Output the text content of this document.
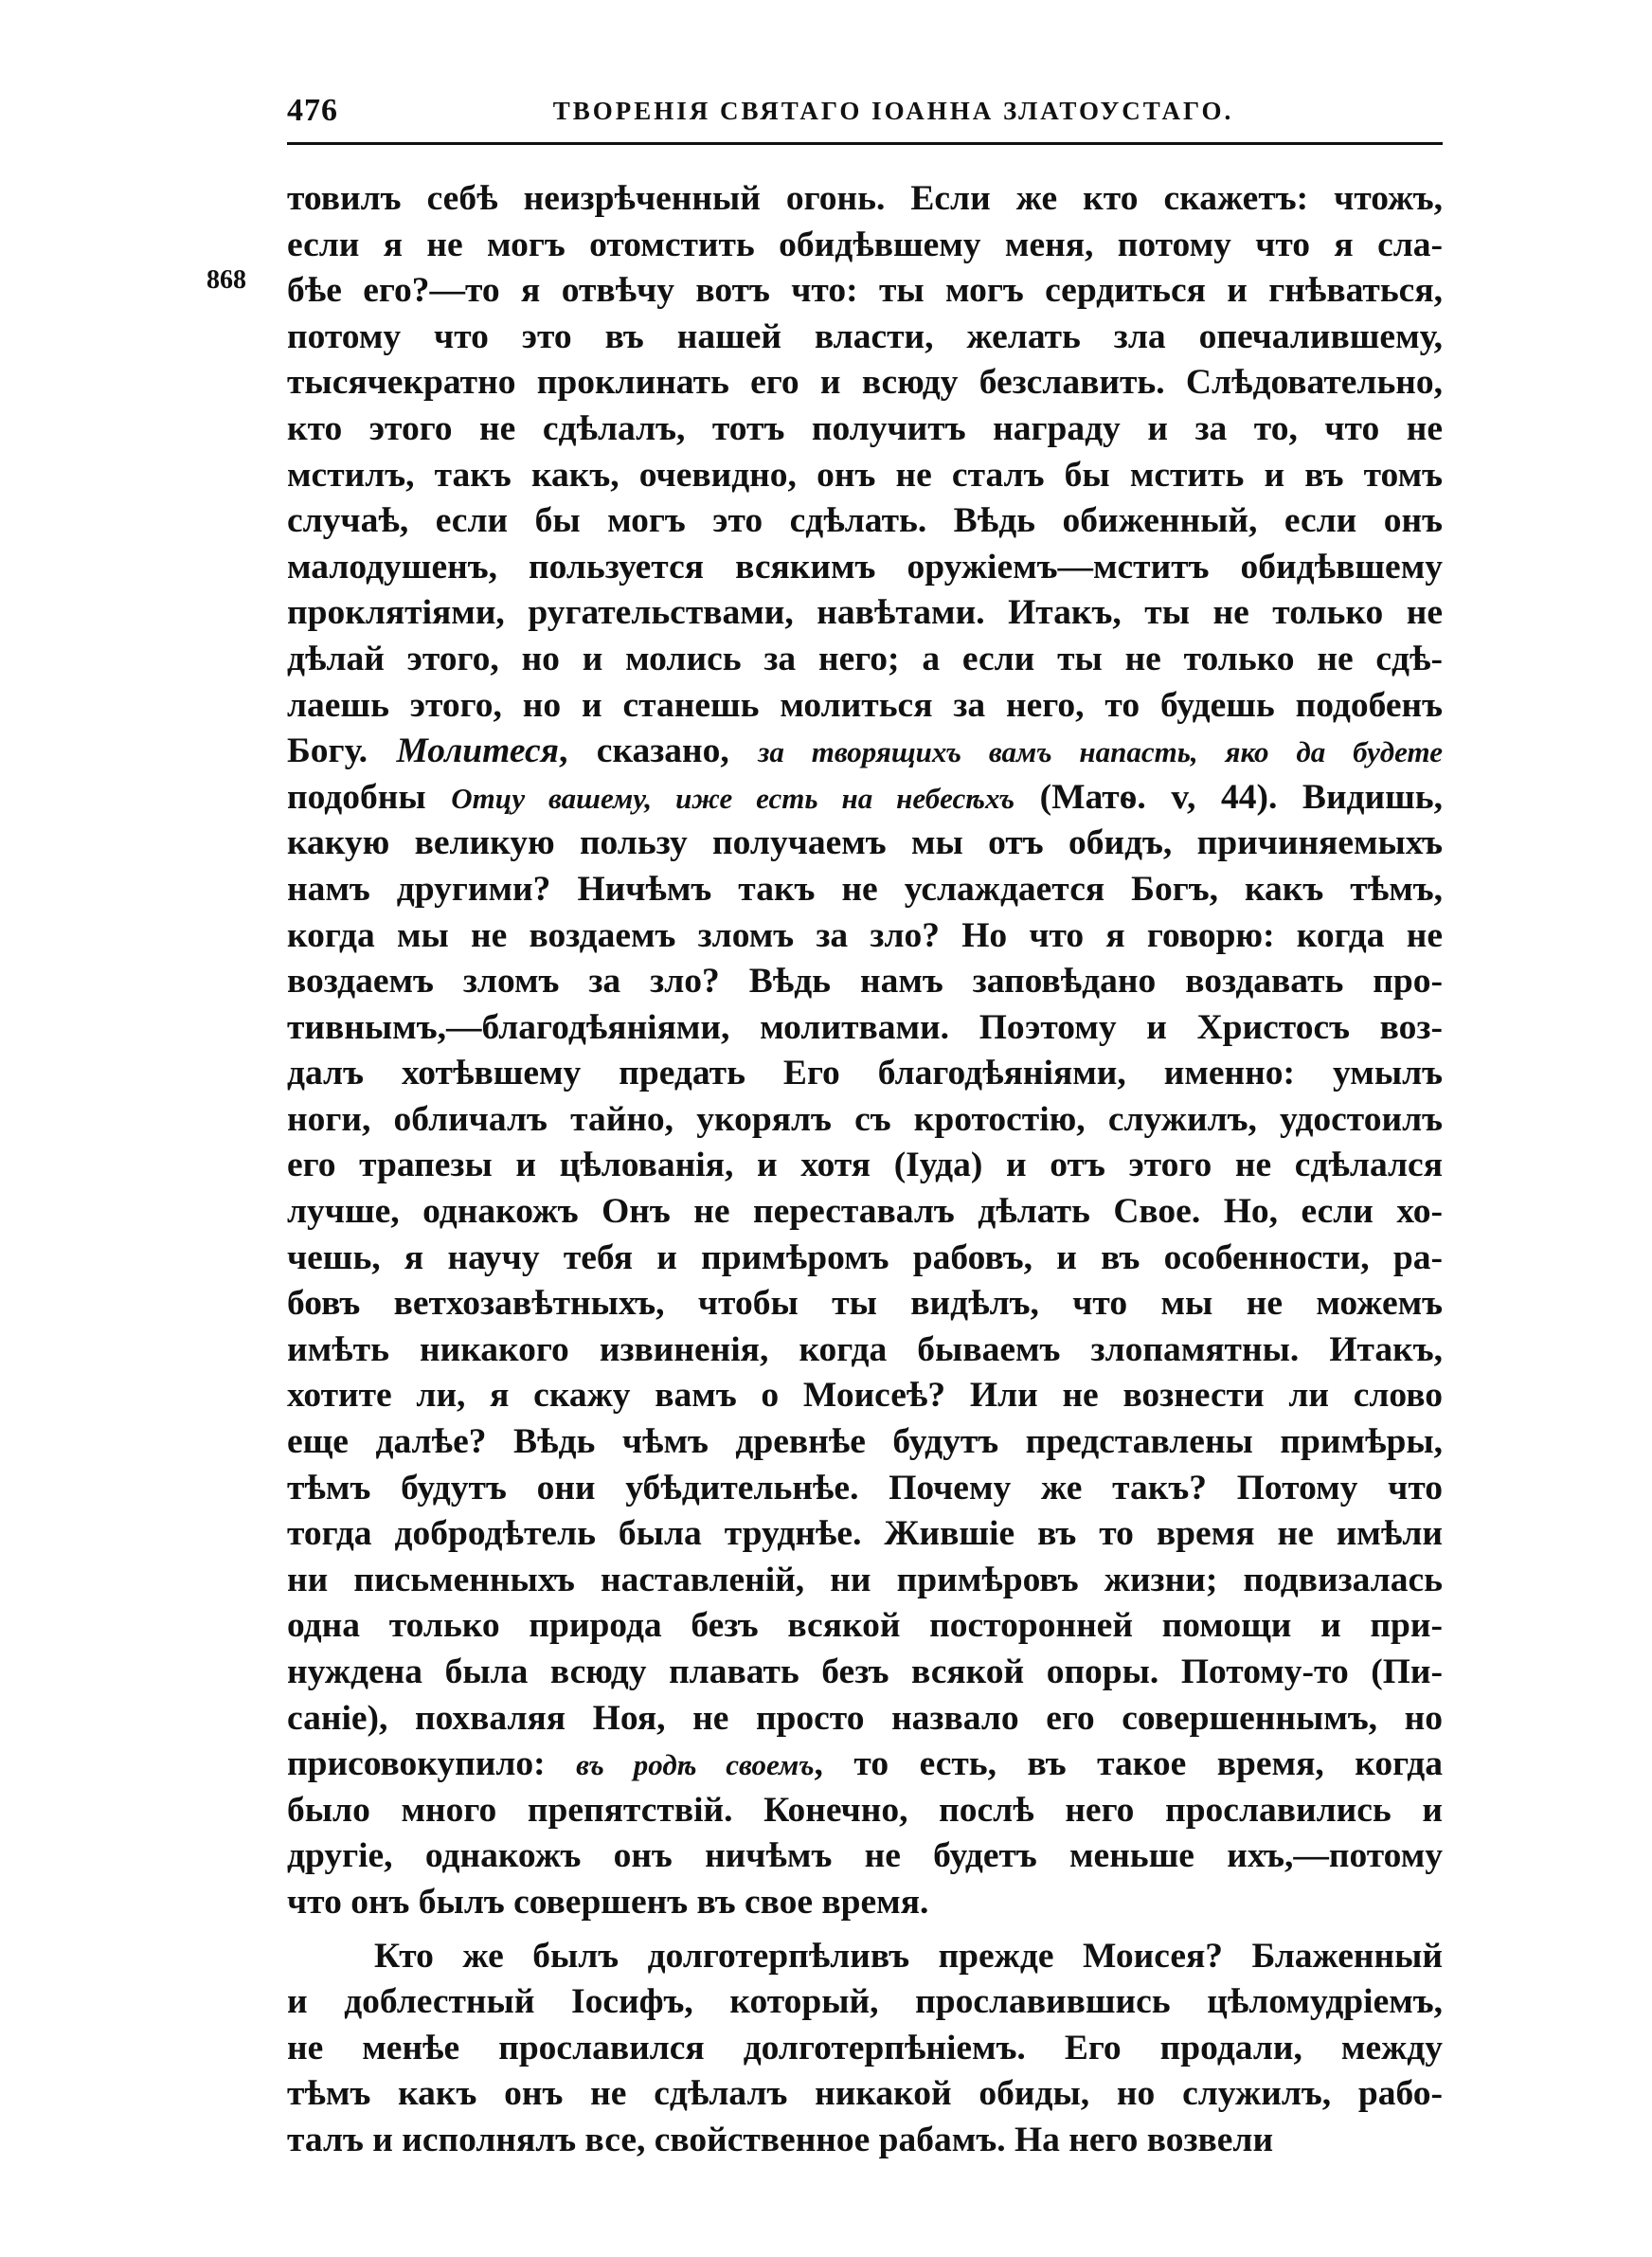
476	ТВОРЕНІЯ СВЯТАГО ІОАННА ЗЛАТОУСТАГО.
868
товилъ себѣ неизрѣченный огонь. Если же кто скажетъ: чтожъ,
если я не могъ отомстить обидѣвшему меня, потому что я сла-
бѣе его?—то я отвѣчу вотъ что: ты могъ сердиться и гнѣваться,
потому что это въ нашей власти, желать зла опечалившему,
тысячекратно проклинать его и всюду безславить. Слѣдовательно,
кто этого не сдѣлалъ, тотъ получитъ награду и за то, что не
мстилъ, такъ какъ, очевидно, онъ не сталъ бы мстить и въ томъ
случаѣ, если бы могъ это сдѣлать. Вѣдь обиженный, если онъ
малодушенъ, пользуется всякимъ оружіемъ—мститъ обидѣвшему
проклятіями, ругательствами, навѣтами. Итакъ, ты не только не
дѣлай этого, но и молись за него; а если ты не только не сдѣ-
лаешь этого, но и станешь молиться за него, то будешь подобенъ
Богу. Молитеся, сказано, за творящихъ вамъ напасть, яко да будете
подобны Отцу вашему, иже есть на небесѣхъ (Матѳ. v, 44). Видишь,
какую великую пользу получаемъ мы отъ обидъ, причиняемыхъ
намъ другими? Ничѣмъ такъ не услаждается Богъ, какъ тѣмъ,
когда мы не воздаемъ зломъ за зло? Но что я говорю: когда не
воздаемъ зломъ за зло? Вѣдь намъ заповѣдано воздавать про-
тивнымъ,—благодѣяніями, молитвами. Поэтому и Христосъ воз-
далъ хотѣвшему предать Его благодѣяніями, именно: умылъ
ноги, обличалъ тайно, укорялъ съ кротостію, служилъ, удостоилъ
его трапезы и цѣлованія, и хотя (Іуда) и отъ этого не сдѣлался
лучше, однакожъ Онъ не переставалъ дѣлать Свое. Но, если хо-
чешь, я научу тебя и примѣромъ рабовъ, и въ особенности, ра-
бовъ ветхозавѣтныхъ, чтобы ты видѣлъ, что мы не можемъ
имѣть никакого извиненія, когда бываемъ злопамятны. Итакъ,
хотите ли, я скажу вамъ о Моисеѣ? Или не вознести ли слово
еще далѣе? Вѣдь чѣмъ древнѣе будутъ представлены примѣры,
тѣмъ будутъ они убѣдительнѣе. Почему же такъ? Потому что
тогда добродѣтель была труднѣе. Жившіе въ то время не имѣли
ни письменныхъ наставленій, ни примѣровъ жизни; подвизалась
одна только природа безъ всякой посторонней помощи и при-
нуждена была всюду плавать безъ всякой опоры. Потому-то (Пи-
саніе), похваляя Ноя, не просто назвало его совершеннымъ, но
присовокупило: въ родѣ своемъ, то есть, въ такое время, когда
было много препятствій. Конечно, послѣ него прославились и
другіе, однакожъ онъ ничѣмъ не будетъ меньше ихъ,—потому
что онъ былъ совершенъ въ свое время.
Кто же былъ долготерпѣливъ прежде Моисея? Блаженный
и доблестный Іосифъ, который, прославившись цѣломудріемъ,
не менѣе прославился долготерпѣніемъ. Его продали, между
тѣмъ какъ онъ не сдѣлалъ никакой обиды, но служилъ, рабо-
талъ и исполнялъ все, свойственное рабамъ. На него возвели
